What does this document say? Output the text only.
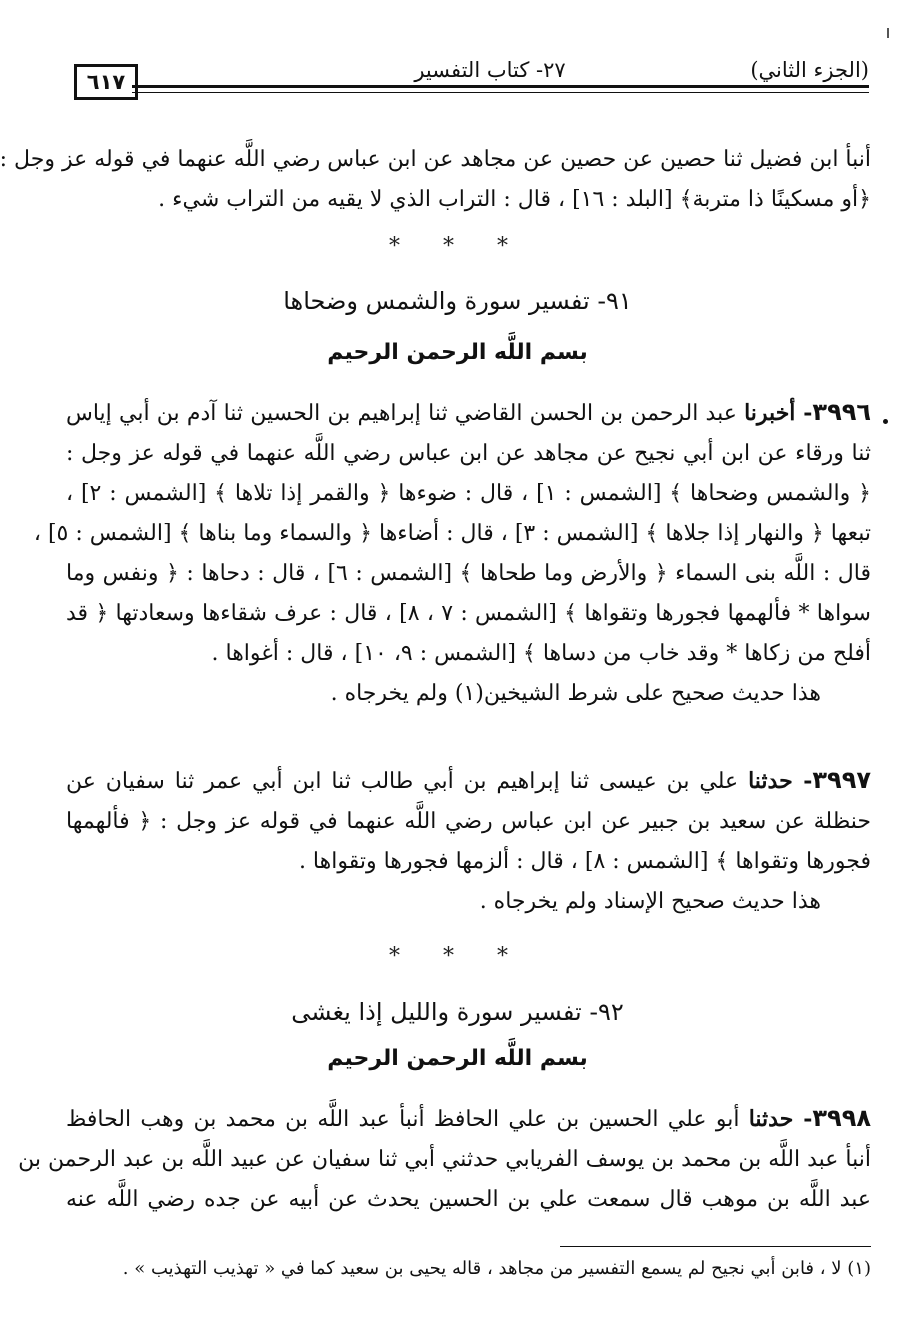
(الجزء الثاني)
٢٧- كتاب التفسير
٦١٧
أنبأ ابن فضيل ثنا حصين عن حصين عن مجاهد عن ابن عباس رضي اللَّه عنهما في قوله عز وجل :
﴿أو مسكينًا ذا متربة﴾ [البلد : ١٦] ، قال : التراب الذي لا يقيه من التراب شيء .
* * *
٩١- تفسير سورة والشمس وضحاها
بسم اللَّه الرحمن الرحيم
٣٩٩٦- أخبرنا عبد الرحمن بن الحسن القاضي ثنا إبراهيم بن الحسين ثنا آدم بن أبي إياس
ثنا ورقاء عن ابن أبي نجيح عن مجاهد عن ابن عباس رضي اللَّه عنهما في قوله عز وجل :
﴿ والشمس وضحاها ﴾ [الشمس : ١] ، قال : ضوءها ﴿ والقمر إذا تلاها ﴾ [الشمس : ٢] ،
تبعها ﴿ والنهار إذا جلاها ﴾ [الشمس : ٣] ، قال : أضاءها ﴿ والسماء وما بناها ﴾ [الشمس : ٥] ،
قال : اللَّه بنى السماء ﴿ والأرض وما طحاها ﴾ [الشمس : ٦] ، قال : دحاها : ﴿ ونفس وما
سواها * فألهمها فجورها وتقواها ﴾ [الشمس : ٧ ، ٨] ، قال : عرف شقاءها وسعادتها ﴿ قد
أفلح من زكاها * وقد خاب من دساها ﴾ [الشمس : ٩، ١٠] ، قال : أغواها .
هذا حديث صحيح على شرط الشيخين(١) ولم يخرجاه .
٣٩٩٧- حدثنا علي بن عيسى ثنا إبراهيم بن أبي طالب ثنا ابن أبي عمر ثنا سفيان عن
حنظلة عن سعيد بن جبير عن ابن عباس رضي اللَّه عنهما في قوله عز وجل : ﴿ فألهمها
فجورها وتقواها ﴾ [الشمس : ٨] ، قال : ألزمها فجورها وتقواها .
هذا حديث صحيح الإسناد ولم يخرجاه .
* * *
٩٢- تفسير سورة والليل إذا يغشى
بسم اللَّه الرحمن الرحيم
٣٩٩٨- حدثنا أبو علي الحسين بن علي الحافظ أنبأ عبد اللَّه بن محمد بن وهب الحافظ
أنبأ عبد اللَّه بن محمد بن يوسف الفريابي حدثني أبي ثنا سفيان عن عبيد اللَّه بن عبد الرحمن بن
عبد اللَّه بن موهب قال سمعت علي بن الحسين يحدث عن أبيه عن جده رضي اللَّه عنه
(١) لا ، فابن أبي نجيح لم يسمع التفسير من مجاهد ، قاله يحيى بن سعيد كما في « تهذيب التهذيب » .
